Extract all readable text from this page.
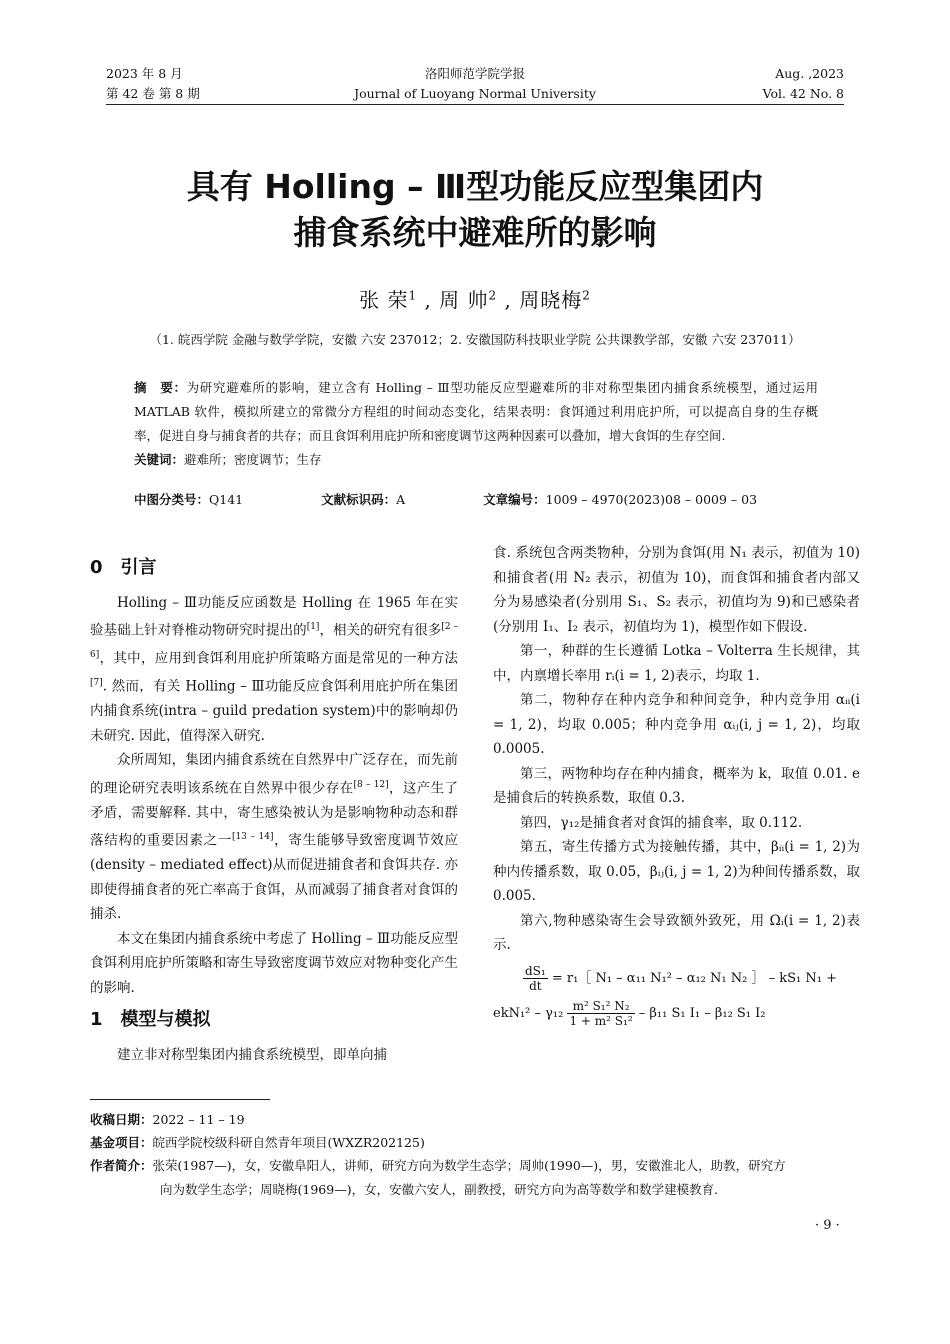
2023 年 8 月
第 42 卷 第 8 期
洛阳师范学院学报
Journal of Luoyang Normal University
Aug. ,2023
Vol. 42 No. 8
具有 Holling – Ⅲ型功能反应型集团内
捕食系统中避难所的影响
张 荣$^1$ , 周 帅$^2$ , 周晓梅$^2$
（1. 皖西学院 金融与数学学院，安徽 六安 237012；2. 安徽国防科技职业学院 公共课教学部，安徽 六安 237011）

摘　要：为研究避难所的影响，建立含有 Holling – Ⅲ型功能反应型避难所的非对称型集团内捕食系统模型，通过运用 MATLAB 软件，模拟所建立的常微分方程组的时间动态变化，结果表明：食饵通过利用庇护所，可以提高自身的生存概率，促进自身与捕食者的共存；而且食饵利用庇护所和密度调节这两种因素可以叠加，增大食饵的生存空间.

关键词：避难所；密度调节；生存

中图分类号：Q141	文献标识码：A	文章编号：1009 – 4970(2023)08 – 0009 – 03

0　引言

Holling – Ⅲ功能反应函数是 Holling 在 1965 年在实验基础上针对脊椎动物研究时提出的[1]，相关的研究有很多[2 – 6]，其中，应用到食饵利用庇护所策略方面是常见的一种方法[7]. 然而，有关 Holling – Ⅲ功能反应食饵利用庇护所在集团内捕食系统(intra – guild predation system)中的影响却仍未研究. 因此，值得深入研究.

众所周知，集团内捕食系统在自然界中广泛存在，而先前的理论研究表明该系统在自然界中很少存在[8 – 12]，这产生了矛盾，需要解释. 其中，寄生感染被认为是影响物种动态和群落结构的重要因素之一[13 – 14]，寄生能够导致密度调节效应(density – mediated effect)从而促进捕食者和食饵共存. 亦即使得捕食者的死亡率高于食饵，从而减弱了捕食者对食饵的捕杀.

本文在集团内捕食系统中考虑了 Holling – Ⅲ功能反应型食饵利用庇护所策略和寄生导致密度调节效应对物种变化产生的影响.

1　模型与模拟

建立非对称型集团内捕食系统模型，即单向捕

食. 系统包含两类物种，分别为食饵(用 N₁ 表示，初值为 10)和捕食者(用 N₂ 表示，初值为 10)，而食饵和捕食者内部又分为易感染者(分别用 S₁、S₂ 表示，初值均为 9)和已感染者(分别用 I₁、I₂ 表示，初值均为 1)，模型作如下假设.

第一，种群的生长遵循 Lotka – Volterra 生长规律，其中，内禀增长率用 rᵢ(i = 1, 2)表示，均取 1.

第二，物种存在种内竞争和种间竞争，种内竞争用 αᵢᵢ(i = 1, 2)，均取 0.005；种内竞争用 αᵢⱼ(i, j = 1, 2)，均取 0.0005.

第三，两物种均存在种内捕食，概率为 k，取值 0.01. e 是捕食后的转换系数，取值 0.3.

第四，γ₁₂是捕食者对食饵的捕食率，取 0.112.

第五，寄生传播方式为接触传播，其中，βᵢᵢ(i = 1, 2)为种内传播系数，取 0.05，βᵢⱼ(i, j = 1, 2)为种间传播系数，取 0.005.

第六,物种感染寄生会导致额外致死，用 Ωᵢ(i = 1, 2)表示.

$\frac{\text{dS₁}}{dt}$ = r₁［ N₁ – α₁₁ N₁² – α₁₂ N₁ N₂ ］ – kS₁ N₁ +
$ekN_1^2 - \gamma_{12} \frac{\text{m² S₁² N₂}}{\text{1 + m² S₁²}} - \beta_{11}$ S₁ I₁ – β₁₂ S₁ I₂
收稿日期：2022 – 11 – 19
基金项目：皖西学院校级科研自然青年项目(WXZR202125)
作者简介：张荣(1987—)，女，安徽阜阳人，讲师，研究方向为数学生态学；周帅(1990—)，男，安徽淮北人，助教，研究方
向为数学生态学；周晓梅(1969—)，女，安徽六安人，副教授，研究方向为高等数学和数学建模教育.
· 9 ·
